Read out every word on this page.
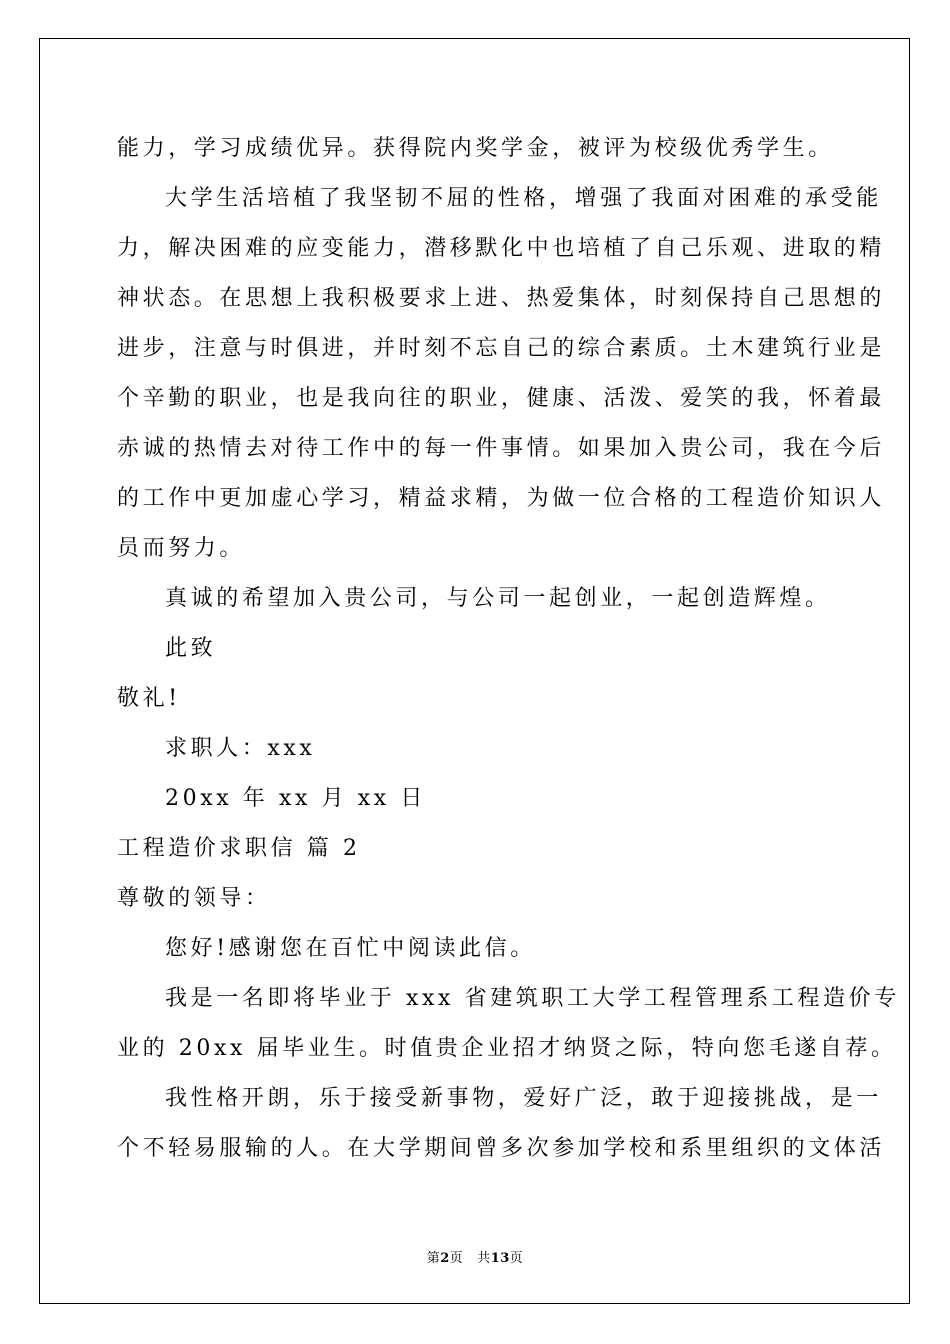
能力，学习成绩优异。获得院内奖学金，被评为校级优秀学生。
大学生活培植了我坚韧不屈的性格，增强了我面对困难的承受能
力，解决困难的应变能力，潜移默化中也培植了自己乐观、进取的精
神状态。在思想上我积极要求上进、热爱集体，时刻保持自己思想的
进步，注意与时俱进，并时刻不忘自己的综合素质。土木建筑行业是
个辛勤的职业，也是我向往的职业，健康、活泼、爱笑的我，怀着最
赤诚的热情去对待工作中的每一件事情。如果加入贵公司，我在今后
的工作中更加虚心学习，精益求精，为做一位合格的工程造价知识人
员而努力。
真诚的希望加入贵公司，与公司一起创业，一起创造辉煌。
此致
敬礼!
求职人：xxx
20xx 年 xx 月 xx 日
工程造价求职信 篇 2
尊敬的领导：
您好!感谢您在百忙中阅读此信。
我是一名即将毕业于 xxx 省建筑职工大学工程管理系工程造价专
业的 20xx 届毕业生。时值贵企业招才纳贤之际，特向您毛遂自荐。
我性格开朗，乐于接受新事物，爱好广泛，敢于迎接挑战，是一
个不轻易服输的人。在大学期间曾多次参加学校和系里组织的文体活
第2页 共13页
